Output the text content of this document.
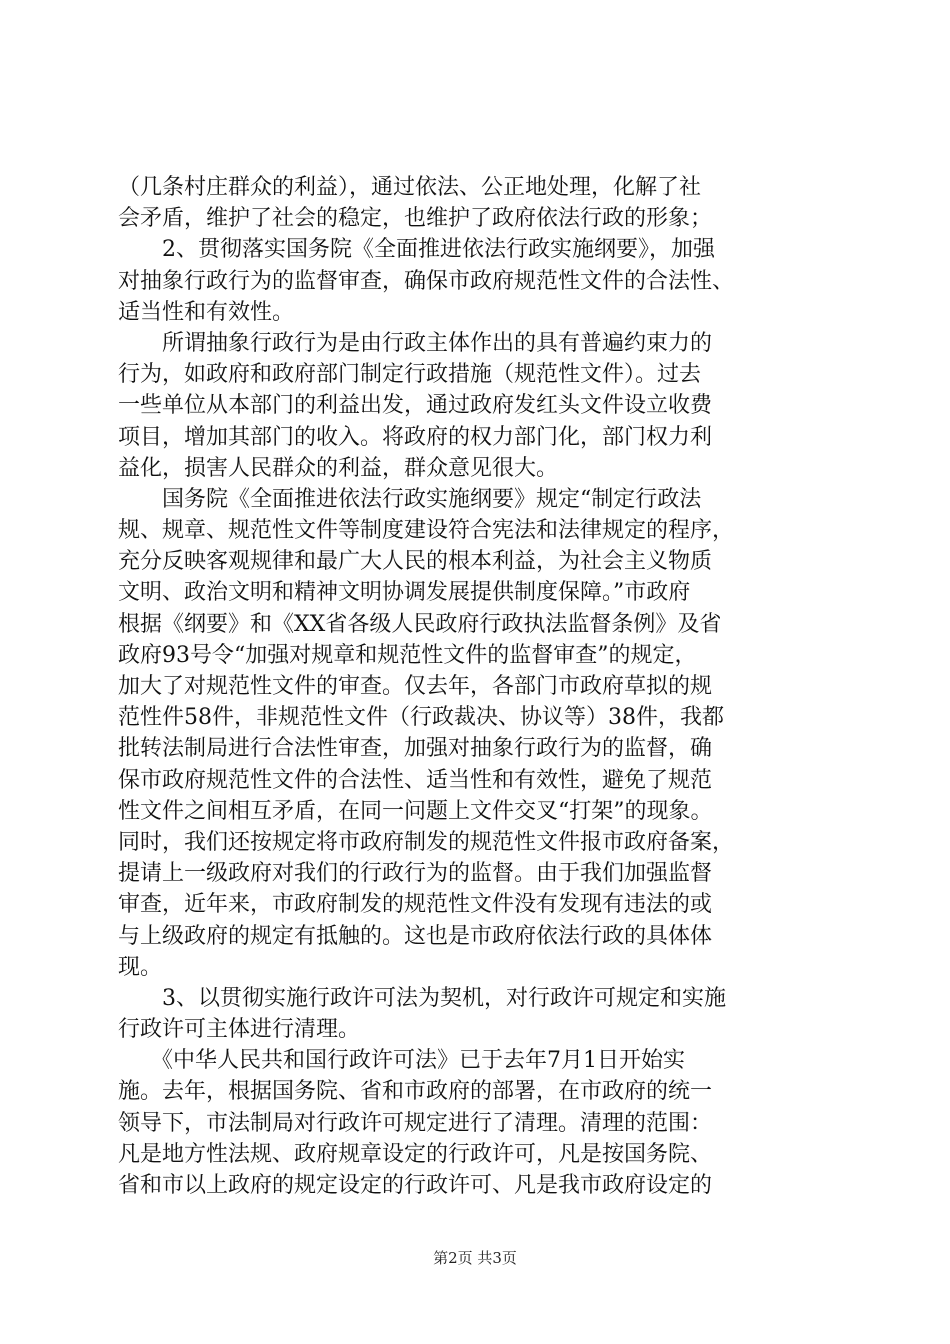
（几条村庄群众的利益），通过依法、公正地处理，化解了社
会矛盾，维护了社会的稳定，也维护了政府依法行政的形象；
　　2、贯彻落实国务院《全面推进依法行政实施纲要》，加强
对抽象行政行为的监督审查，确保市政府规范性文件的合法性、
适当性和有效性。
　　所谓抽象行政行为是由行政主体作出的具有普遍约束力的
行为，如政府和政府部门制定行政措施（规范性文件）。过去
一些单位从本部门的利益出发，通过政府发红头文件设立收费
项目，增加其部门的收入。将政府的权力部门化，部门权力利
益化，损害人民群众的利益，群众意见很大。
　　国务院《全面推进依法行政实施纲要》规定“制定行政法
规、规章、规范性文件等制度建设符合宪法和法律规定的程序，
充分反映客观规律和最广大人民的根本利益，为社会主义物质
文明、政治文明和精神文明协调发展提供制度保障。”市政府
根据《纲要》和《XX省各级人民政府行政执法监督条例》及省
政府93号令“加强对规章和规范性文件的监督审查”的规定，
加大了对规范性文件的审查。仅去年，各部门市政府草拟的规
范性件58件，非规范性文件（行政裁决、协议等）38件，我都
批转法制局进行合法性审查，加强对抽象行政行为的监督，确
保市政府规范性文件的合法性、适当性和有效性，避免了规范
性文件之间相互矛盾，在同一问题上文件交叉“打架”的现象。
同时，我们还按规定将市政府制发的规范性文件报市政府备案，
提请上一级政府对我们的行政行为的监督。由于我们加强监督
审查，近年来，市政府制发的规范性文件没有发现有违法的或
与上级政府的规定有抵触的。这也是市政府依法行政的具体体
现。
　　3、以贯彻实施行政许可法为契机，对行政许可规定和实施
行政许可主体进行清理。
　　《中华人民共和国行政许可法》已于去年7月1日开始实
施。去年，根据国务院、省和市政府的部署，在市政府的统一
领导下，市法制局对行政许可规定进行了清理。清理的范围：
凡是地方性法规、政府规章设定的行政许可，凡是按国务院、
省和市以上政府的规定设定的行政许可、凡是我市政府设定的
第2页 共3页
